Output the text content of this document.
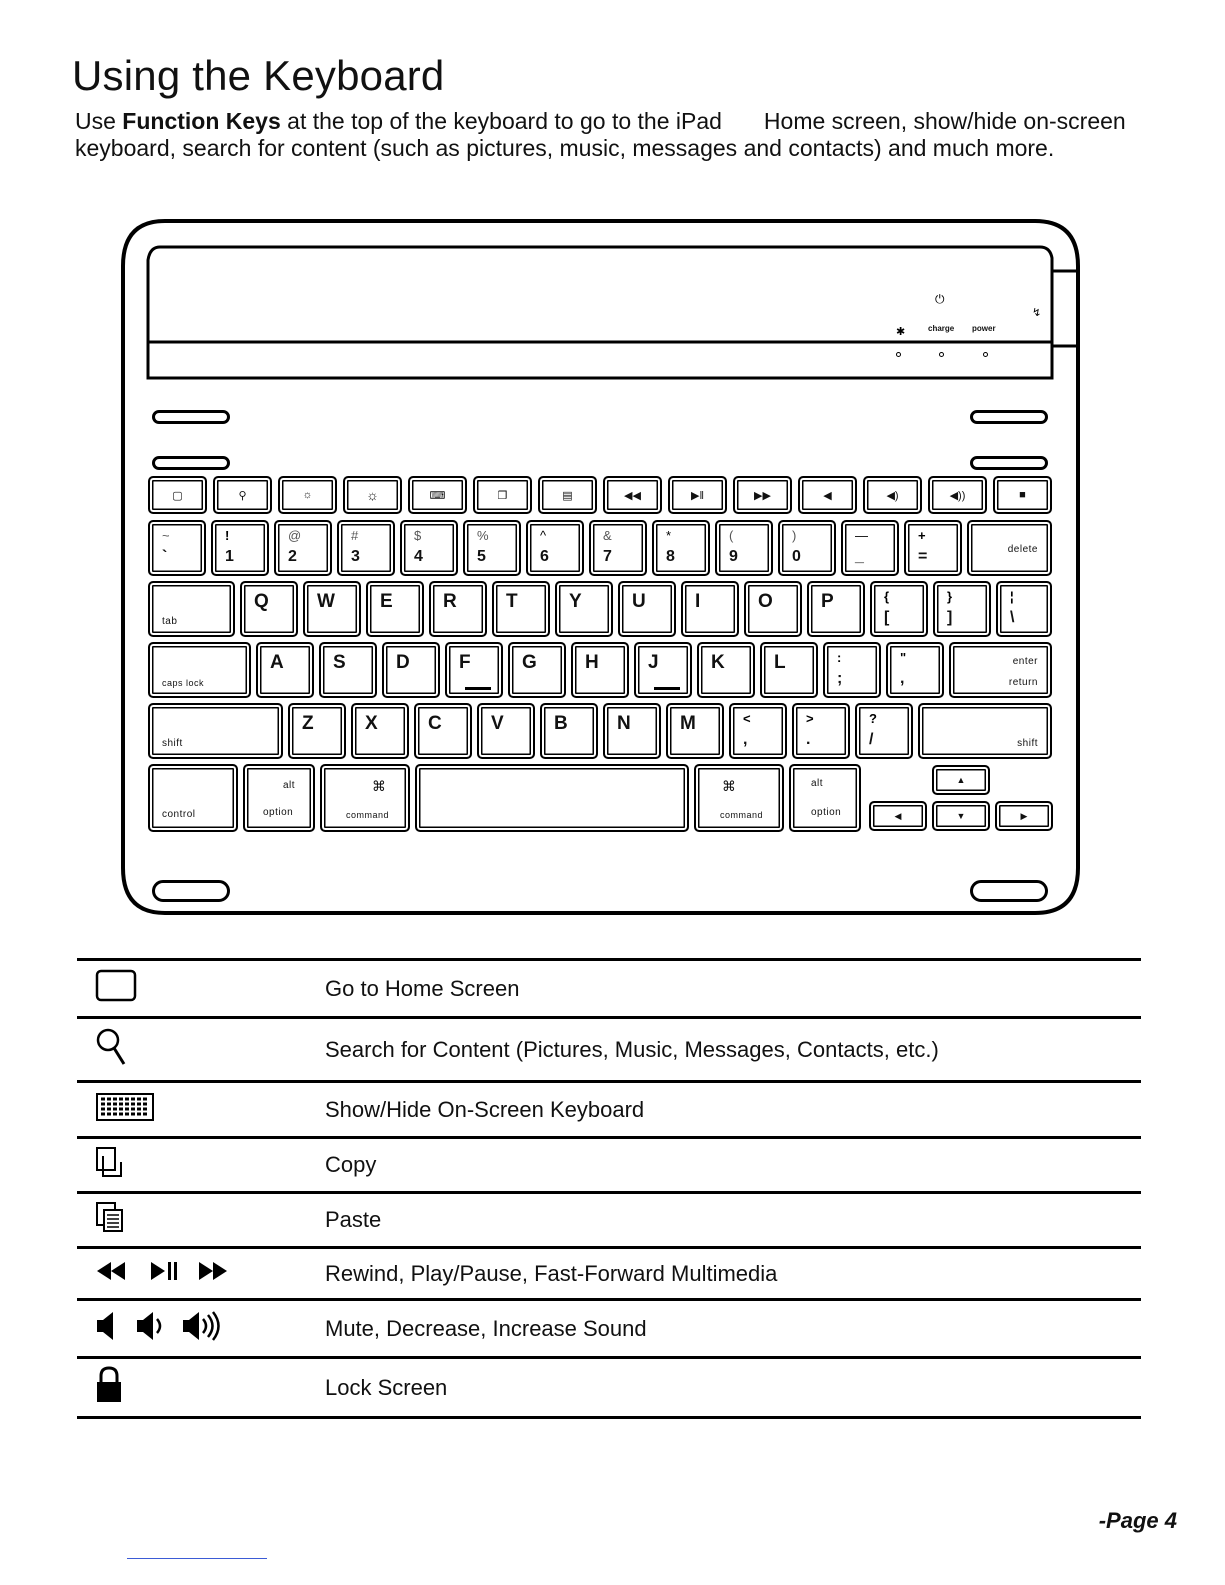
Using the Keyboard

Use Function Keys at the top of the keyboard to go to the iPad Home screen, show/hide on-screen keyboard, search for content (such as pictures, music, messages and contacts) and much more.

✱
⏻
↯
charge power
▢	⚲	☼	☼	⌨	❐	▤	◀◀	▶‖	▶▶	◀	◀)	◀))	■
~
`
!
1
@
2
#
3
$
4
%
5
^
6
&
7
*
8
(
9
)
0
—
_
+
=	delete
tab
Q	W E	R	T	Y	U	I	O	P	{
[
}
]
¦
\
caps lock
A	S	D	F	G	H	J	K	L	:
;
"
,
enter
return
shift
Z	X	C	V	B	N	M	<
,
>
.
?
/	shift
control
alt
option
⌘
command
⌘
command
alt
option
▲
◀	▼	▶
	Go to Home Screen
	Search for Content (Pictures, Music, Messages, Contacts, etc.)
	Show/Hide On-Screen Keyboard
	Copy
	Paste
	Rewind, Play/Pause, Fast-Forward Multimedia
	Mute, Decrease, Increase Sound
	Lock Screen
-Page 4
